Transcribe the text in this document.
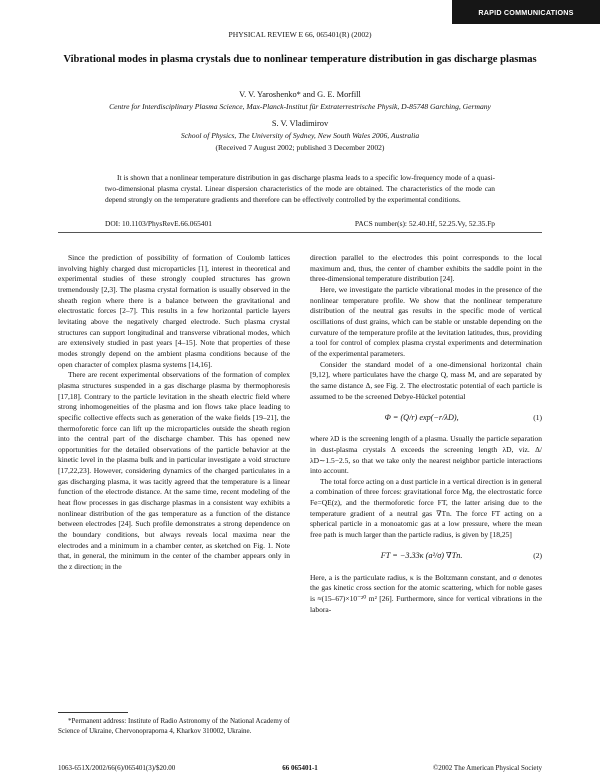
RAPID COMMUNICATIONS
PHYSICAL REVIEW E 66, 065401(R) (2002)
Vibrational modes in plasma crystals due to nonlinear temperature distribution in gas discharge plasmas
V. V. Yaroshenko* and G. E. Morfill
Centre for Interdisciplinary Plasma Science, Max-Planck-Institut für Extraterrestrische Physik, D-85748 Garching, Germany
S. V. Vladimirov
School of Physics, The University of Sydney, New South Wales 2006, Australia
(Received 7 August 2002; published 3 December 2002)

It is shown that a nonlinear temperature distribution in gas discharge plasma leads to a specific low-frequency mode of a quasi-two-dimensional plasma crystal. Linear dispersion characteristics of the mode are obtained. The characteristics of the mode can depend strongly on the temperature gradients and therefore can be effectively controlled by the experimental conditions.

DOI: 10.1103/PhysRevE.66.065401	PACS number(s): 52.40.Hf, 52.25.Vy, 52.35.Fp

Since the prediction of possibility of formation of Coulomb lattices involving highly charged dust microparticles [1], interest in theoretical and experimental studies of these strongly coupled structures has grown tremendously [2,3]. The plasma crystal formation is usually observed in the sheath region where there is a balance between the gravitational and electrostatic forces [2–7]. This results in a few horizontal particle layers levitating above the negatively charged electrode. Such plasma crystal structures can support longitudinal and transverse vibrational modes, which are extensively studied in past years [4–15]. Note that properties of these modes strongly depend on the ambient plasma conditions because of the open character of complex plasma systems [14,16].

There are recent experimental observations of the formation of complex plasma structures suspended in a gas discharge plasma by thermophoresis [17,18]. Contrary to the particle levitation in the sheath electric field where strong inhomogeneities of the plasma and ion flows take place leading to specific collective effects such as generation of the wake fields [19–21], the thermoforetic force can lift up the microparticles outside the sheath region into the central part of the discharge chamber. This has opened new opportunities for the detailed observations of the particle behavior at the kinetic level in the plasma bulk and in particular investigate a void structure [17,22,23]. However, considering dynamics of the charged particulates in a gas discharging plasma, it was tacitly agreed that the temperature is a linear function of the electrode distance. At the same time, recent modeling of the heat flow processes in gas discharge plasmas in a consistent way exhibits a nonlinear distribution of the gas temperature as a function of the distance between electrodes [24]. Such profile demonstrates a strong dependence on the boundary conditions, but always reveals local maxima near the electrodes and a minimum in a chamber center, as sketched on Fig. 1. Note that, in general, the minimum in the center of the chamber appears only in the z direction; in the

direction parallel to the electrodes this point corresponds to the local maximum and, thus, the center of chamber exhibits the saddle point in the three-dimensional temperature distribution [24].

Here, we investigate the particle vibrational modes in the presence of the nonlinear temperature profile. We show that the nonlinear temperature distribution of the neutral gas results in the specific mode of vertical oscillations of dust grains, which can be stable or unstable depending on the curvature of the temperature profile at the levitation latitudes, thus, providing a tool for control of complex plasma crystal experiments and determination of the experimental parameters.

Consider the standard model of a one-dimensional horizontal chain [9,12], where particulates have the charge Q, mass M, and are separated by the same distance Δ, see Fig. 2. The electrostatic potential of each particle is assumed to be the screened Debye-Hückel potential

Φ = (Q/r) exp(−r/λD),	(1)

where λD is the screening length of a plasma. Usually the particle separation in dust-plasma crystals Δ exceeds the screening length λD, viz. Δ/λD∼1.5−2.5, so that we take only the nearest neighbor particle interactions into account.

The total force acting on a dust particle in a vertical direction is in general a combination of three forces: gravitational force Mg, the electrostatic force Fe=QE(z), and the thermoforetic force FT, the latter arising due to the temperature gradient of a neutral gas ∇Tn. The force FT acting on a spherical particle in a monoatomic gas at a low pressure, where the mean free path is much larger than the particle radius, is given by [18,25]

FT = −3.33κ (a²/σ) ∇Tn.	(2)

Here, a is the particulate radius, κ is the Boltzmann constant, and σ denotes the gas kinetic cross section for the atomic scattering, which for noble gases is ≈(15–67)×10⁻²⁰ m² [26]. Furthermore, since for vertical vibrations in the labora-

*Permanent address: Institute of Radio Astronomy of the National Academy of Science of Ukraine, Chervonopraporna 4, Kharkov 310002, Ukraine.

1063-651X/2002/66(6)/065401(3)/$20.00	66 065401-1	©2002 The American Physical Society
